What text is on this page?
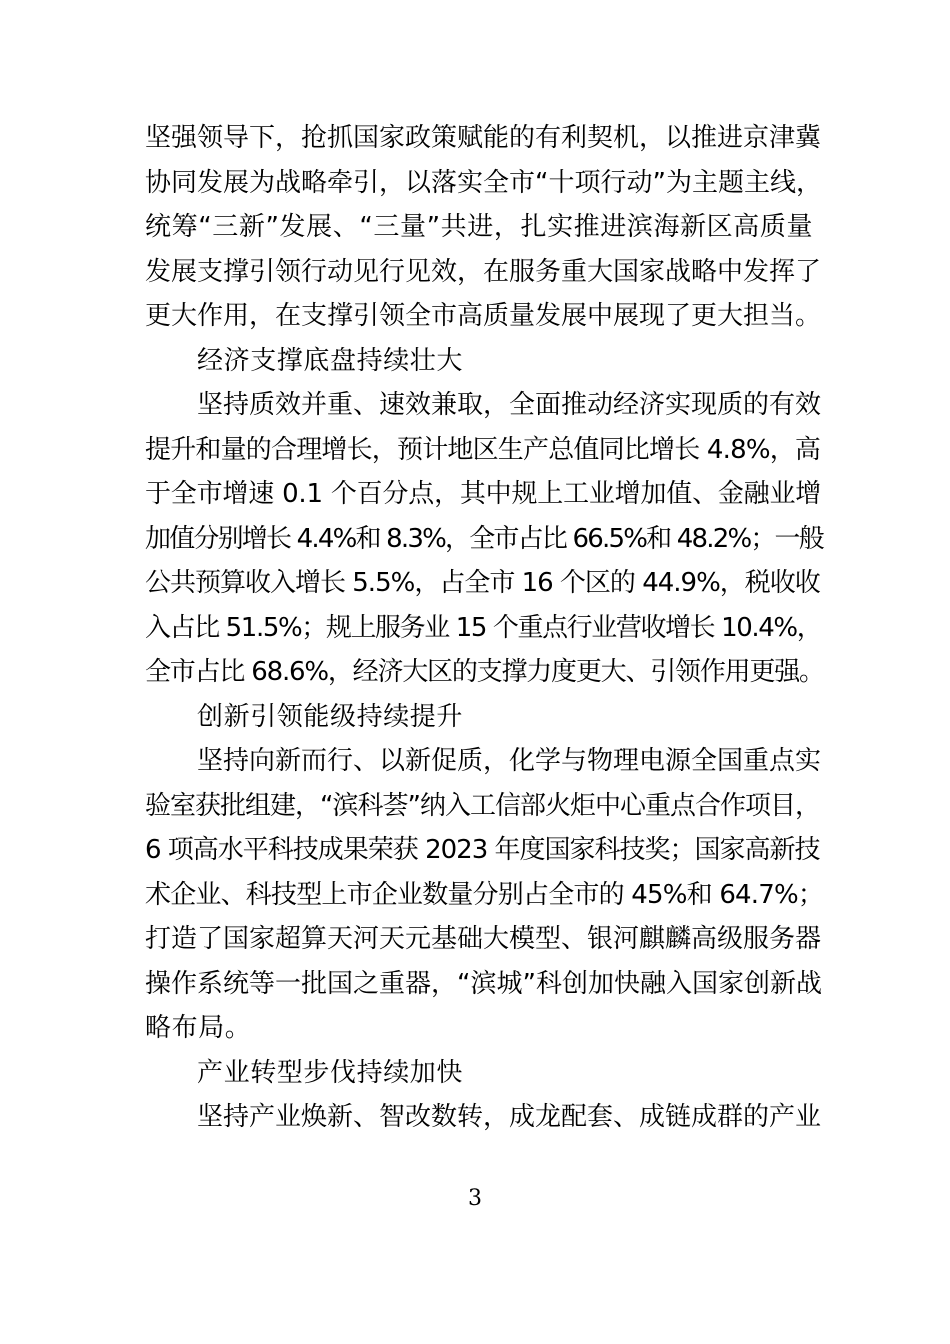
坚强领导下，抢抓国家政策赋能的有利契机，以推进京津冀

协同发展为战略牵引，以落实全市“十项行动”为主题主线，

统筹“三新”发展、“三量”共进，扎实推进滨海新区高质量

发展支撑引领行动见行见效，在服务重大国家战略中发挥了

更大作用，在支撑引领全市高质量发展中展现了更大担当。

经济支撑底盘持续壮大

坚持质效并重、速效兼取，全面推动经济实现质的有效

提升和量的合理增长，预计地区生产总值同比增长 4.8%，高

于全市增速 0.1 个百分点，其中规上工业增加值、金融业增

加值分别增长 4.4%和 8.3%，全市占比 66.5%和 48.2%；一般

公共预算收入增长 5.5%，占全市 16 个区的 44.9%，税收收

入占比 51.5%；规上服务业 15 个重点行业营收增长 10.4%，

全市占比 68.6%，经济大区的支撑力度更大、引领作用更强。

创新引领能级持续提升

坚持向新而行、以新促质，化学与物理电源全国重点实

验室获批组建，“滨科荟”纳入工信部火炬中心重点合作项目，

6 项高水平科技成果荣获 2023 年度国家科技奖；国家高新技

术企业、科技型上市企业数量分别占全市的 45%和 64.7%；

打造了国家超算天河天元基础大模型、银河麒麟高级服务器

操作系统等一批国之重器，“滨城”科创加快融入国家创新战

略布局。

产业转型步伐持续加快

坚持产业焕新、智改数转，成龙配套、成链成群的产业

3
